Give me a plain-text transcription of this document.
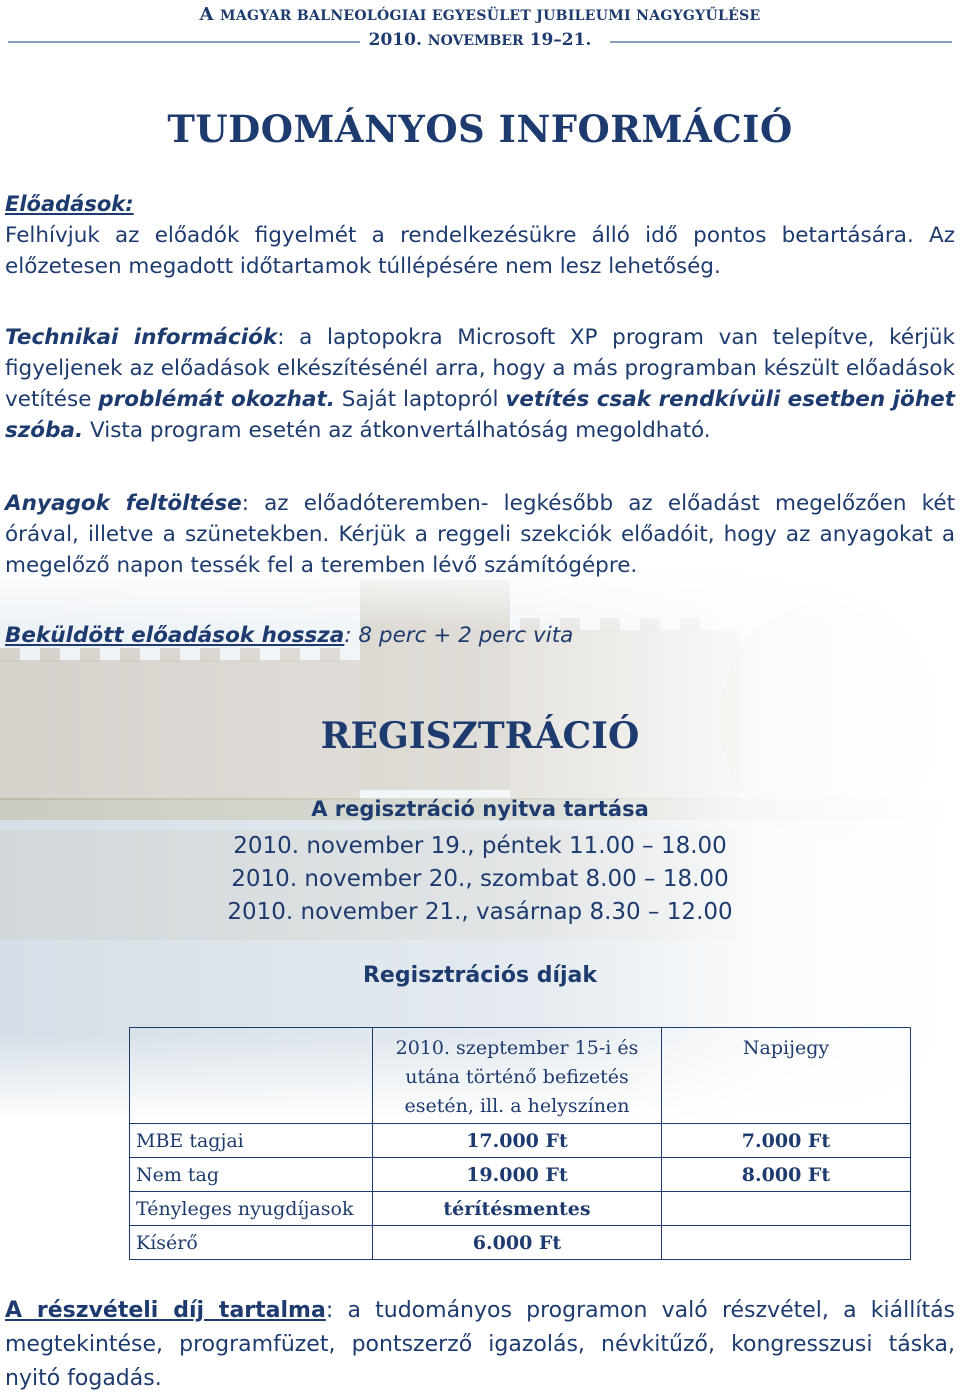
A MAGYAR BALNEOLÓGIAI EGYESÜLET JUBILEUMI NAGYGYŰLÉSE
2010. NOVEMBER 19–21.
TUDOMÁNYOS INFORMÁCIÓ
Előadások:
Felhívjuk az előadók figyelmét a rendelkezésükre álló idő pontos betartására. Az előzetesen megadott időtartamok túllépésére nem lesz lehetőség.
Technikai információk: a laptopokra Microsoft XP program van telepítve, kérjük figyeljenek az előadások elkészítésénél arra, hogy a más programban készült előadások vetítése problémát okozhat. Saját laptopról vetítés csak rendkívüli esetben jöhet szóba. Vista program esetén az átkonvertálhatóság megoldható.
Anyagok feltöltése: az előadóteremben- legkésőbb az előadást megelőzően két órával, illetve a szünetekben. Kérjük a reggeli szekciók előadóit, hogy az anyagokat a megelőző napon tessék fel a teremben lévő számítógépre.
Beküldött előadások hossza: 8 perc + 2 perc vita
REGISZTRÁCIÓ
A regisztráció nyitva tartása
2010. november 19., péntek 11.00 – 18.00
2010. november 20., szombat 8.00 – 18.00
2010. november 21., vasárnap 8.30 – 12.00
Regisztrációs díjak
	2010. szeptember 15-i és utána történő befizetés esetén, ill. a helyszínen	Napijegy
MBE tagjai	17.000 Ft	7.000 Ft
Nem tag	19.000 Ft	8.000 Ft
Tényleges nyugdíjasok	térítésmentes	
Kísérő	6.000 Ft	
A részvételi díj tartalma: a tudományos programon való részvétel, a kiállítás megtekintése, programfüzet, pontszerző igazolás, névkitűző, kongresszusi táska, nyitó fogadás.
